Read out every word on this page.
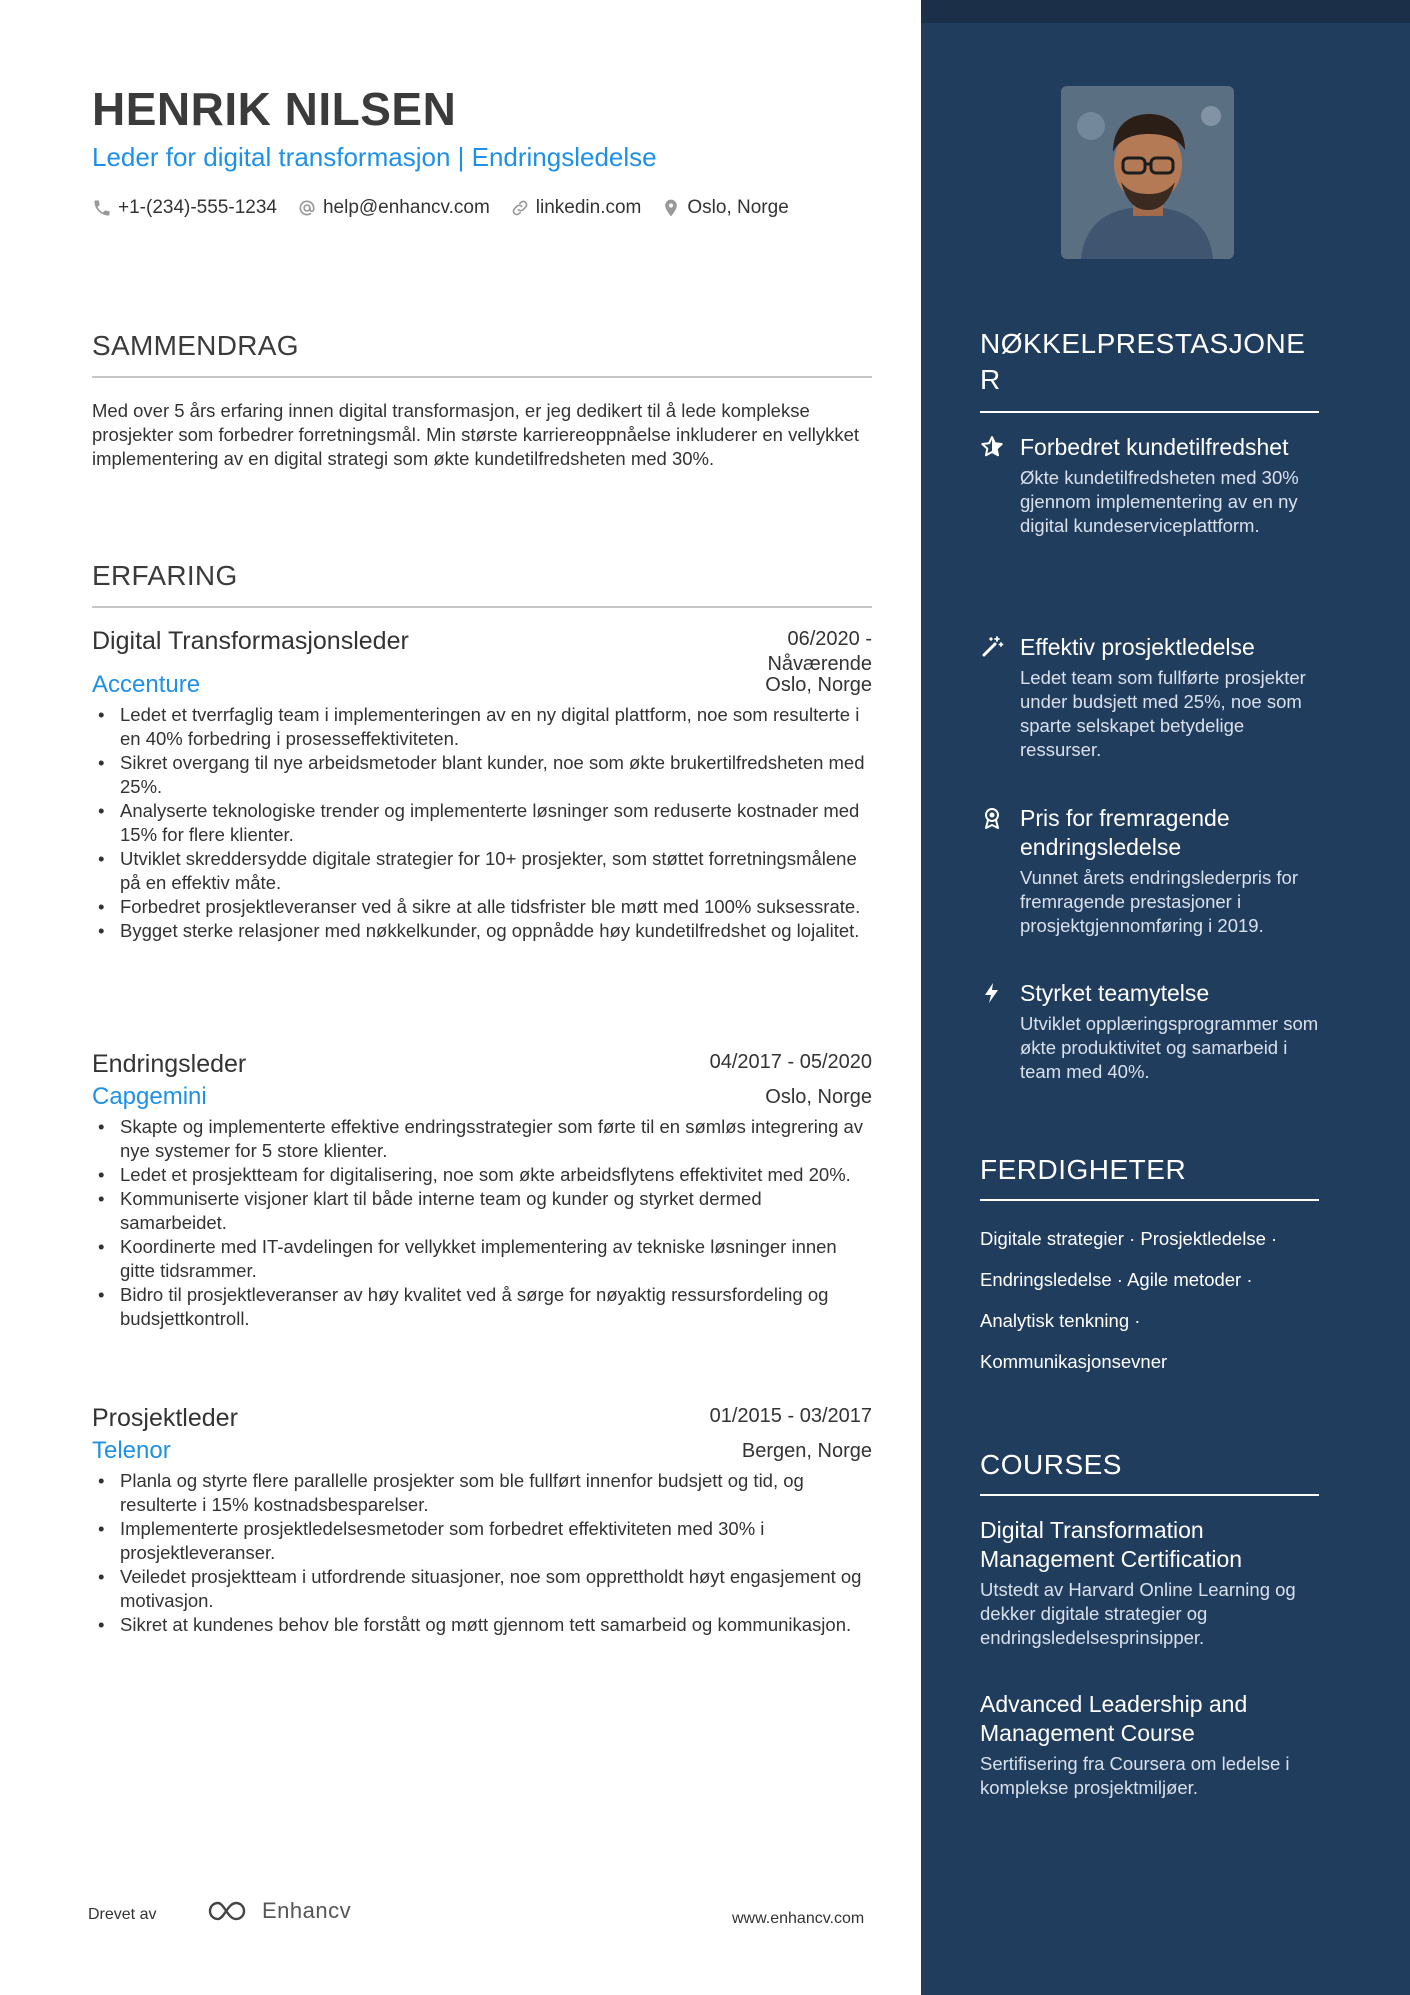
HENRIK NILSEN
Leder for digital transformasjon | Endringsledelse
+1-(234)-555-1234 help@enhancv.com linkedin.com Oslo, Norge
SAMMENDRAG
Med over 5 års erfaring innen digital transformasjon, er jeg dedikert til å lede komplekse prosjekter som forbedrer forretningsmål. Min største karriereoppnåelse inkluderer en vellykket implementering av en digital strategi som økte kundetilfredsheten med 30%.
ERFARING
Digital Transformasjonsleder	06/2020 -
Nåværende
Accenture	Oslo, Norge
• Ledet et tverrfaglig team i implementeringen av en ny digital plattform, noe som resulterte i en 40% forbedring i prosesseffektiviteten.
• Sikret overgang til nye arbeidsmetoder blant kunder, noe som økte brukertilfredsheten med 25%.
• Analyserte teknologiske trender og implementerte løsninger som reduserte kostnader med 15% for flere klienter.
• Utviklet skreddersydde digitale strategier for 10+ prosjekter, som støttet forretningsmålene på en effektiv måte.
• Forbedret prosjektleveranser ved å sikre at alle tidsfrister ble møtt med 100% suksessrate.
• Bygget sterke relasjoner med nøkkelkunder, og oppnådde høy kundetilfredshet og lojalitet.
Endringsleder	04/2017 - 05/2020
Capgemini	Oslo, Norge
• Skapte og implementerte effektive endringsstrategier som førte til en sømløs integrering av nye systemer for 5 store klienter.
• Ledet et prosjektteam for digitalisering, noe som økte arbeidsflytens effektivitet med 20%.
• Kommuniserte visjoner klart til både interne team og kunder og styrket dermed samarbeidet.
• Koordinerte med IT-avdelingen for vellykket implementering av tekniske løsninger innen gitte tidsrammer.
• Bidro til prosjektleveranser av høy kvalitet ved å sørge for nøyaktig ressursfordeling og budsjettkontroll.
Prosjektleder	01/2015 - 03/2017
Telenor	Bergen, Norge
• Planla og styrte flere parallelle prosjekter som ble fullført innenfor budsjett og tid, og resulterte i 15% kostnadsbesparelser.
• Implementerte prosjektledelsesmetoder som forbedret effektiviteten med 30% i prosjektleveranser.
• Veiledet prosjektteam i utfordrende situasjoner, noe som opprettholdt høyt engasjement og motivasjon.
• Sikret at kundenes behov ble forstått og møtt gjennom tett samarbeid og kommunikasjon.
Drevet av	Enhancv	www.enhancv.com
NØKKELPRESTASJONE
R
Forbedret kundetilfredshet
Økte kundetilfredsheten med 30% gjennom implementering av en ny digital kundeserviceplattform.
Effektiv prosjektledelse
Ledet team som fullførte prosjekter under budsjett med 25%, noe som sparte selskapet betydelige ressurser.
Pris for fremragende endringsledelse
Vunnet årets endringslederpris for fremragende prestasjoner i prosjektgjennomføring i 2019.
Styrket teamytelse
Utviklet opplæringsprogrammer som økte produktivitet og samarbeid i team med 40%.
FERDIGHETER
Digitale strategier · Prosjektledelse ·
Endringsledelse · Agile metoder ·
Analytisk tenkning ·
Kommunikasjonsevner
COURSES
Digital Transformation Management Certification
Utstedt av Harvard Online Learning og dekker digitale strategier og endringsledelsesprinsipper.
Advanced Leadership and Management Course
Sertifisering fra Coursera om ledelse i komplekse prosjektmiljøer.
